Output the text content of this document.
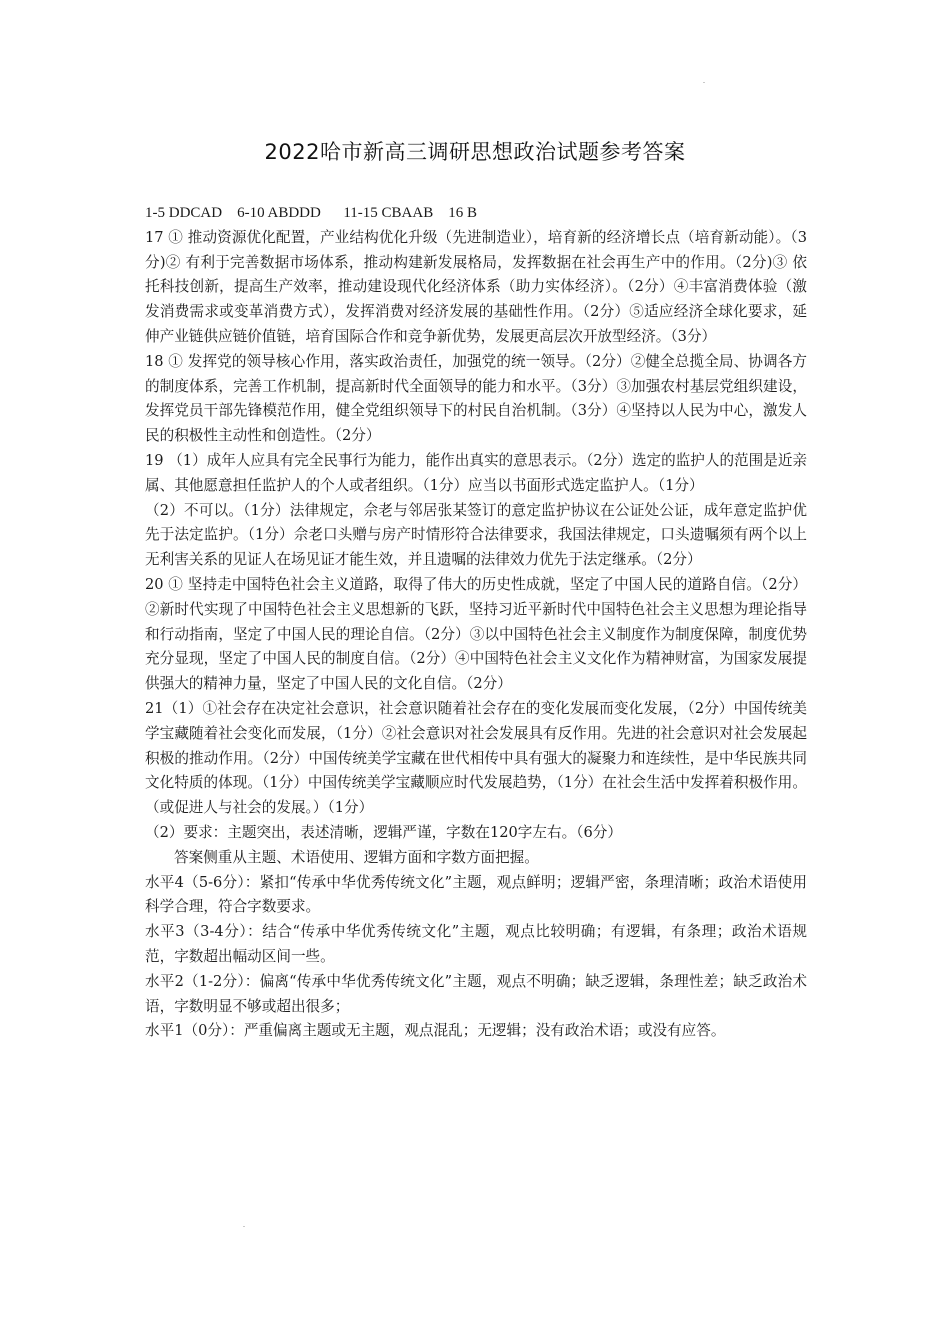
2022哈市新高三调研思想政治试题参考答案

1-5 DDCAD    6-10 ABDDD      11-15 CBAAB    16 B

17 ① 推动资源优化配置，产业结构优化升级（先进制造业），培育新的经济增长点（培育新动能）。（3分)② 有利于完善数据市场体系，推动构建新发展格局，发挥数据在社会再生产中的作用。（2分)③ 依托科技创新，提高生产效率，推动建设现代化经济体系（助力实体经济）。（2分）④丰富消费体验（激发消费需求或变革消费方式），发挥消费对经济发展的基础性作用。（2分）⑤适应经济全球化要求，延伸产业链供应链价值链，培育国际合作和竞争新优势，发展更高层次开放型经济。（3分）

18 ① 发挥党的领导核心作用，落实政治责任，加强党的统一领导。（2分）②健全总揽全局、协调各方的制度体系，完善工作机制，提高新时代全面领导的能力和水平。（3分）③加强农村基层党组织建设，发挥党员干部先锋模范作用，健全党组织领导下的村民自治机制。（3分）④坚持以人民为中心，激发人民的积极性主动性和创造性。（2分）

19 （1）成年人应具有完全民事行为能力，能作出真实的意思表示。（2分）选定的监护人的范围是近亲属、其他愿意担任监护人的个人或者组织。（1分）应当以书面形式选定监护人。（1分）

（2）不可以。（1分）法律规定，佘老与邻居张某签订的意定监护协议在公证处公证，成年意定监护优先于法定监护。（1分）佘老口头赠与房产时情形符合法律要求，我国法律规定，口头遗嘱须有两个以上无利害关系的见证人在场见证才能生效，并且遗嘱的法律效力优先于法定继承。（2分）

20 ① 坚持走中国特色社会主义道路，取得了伟大的历史性成就，坚定了中国人民的道路自信。（2分）②新时代实现了中国特色社会主义思想新的飞跃，坚持习近平新时代中国特色社会主义思想为理论指导和行动指南，坚定了中国人民的理论自信。（2分）③以中国特色社会主义制度作为制度保障，制度优势充分显现，坚定了中国人民的制度自信。（2分）④中国特色社会主义文化作为精神财富，为国家发展提供强大的精神力量，坚定了中国人民的文化自信。（2分）

21（1）①社会存在决定社会意识，社会意识随着社会存在的变化发展而变化发展，（2分）中国传统美学宝藏随着社会变化而发展，（1分）②社会意识对社会发展具有反作用。先进的社会意识对社会发展起积极的推动作用。（2分）中国传统美学宝藏在世代相传中具有强大的凝聚力和连续性，是中华民族共同文化特质的体现。（1分）中国传统美学宝藏顺应时代发展趋势，（1分）在社会生活中发挥着积极作用。（或促进人与社会的发展。）（1分）

（2）要求：主题突出，表述清晰，逻辑严谨，字数在120字左右。（6分）

答案侧重从主题、术语使用、逻辑方面和字数方面把握。

水平4（5-6分）：紧扣“传承中华优秀传统文化”主题，观点鲜明；逻辑严密，条理清晰；政治术语使用科学合理，符合字数要求。

水平3（3-4分）：结合“传承中华优秀传统文化”主题，观点比较明确；有逻辑，有条理；政治术语规范，字数超出幅动区间一些。

水平2（1-2分）：偏离“传承中华优秀传统文化”主题，观点不明确；缺乏逻辑，条理性差；缺乏政治术语，字数明显不够或超出很多；

水平1（0分）：严重偏离主题或无主题，观点混乱；无逻辑；没有政治术语；或没有应答。
